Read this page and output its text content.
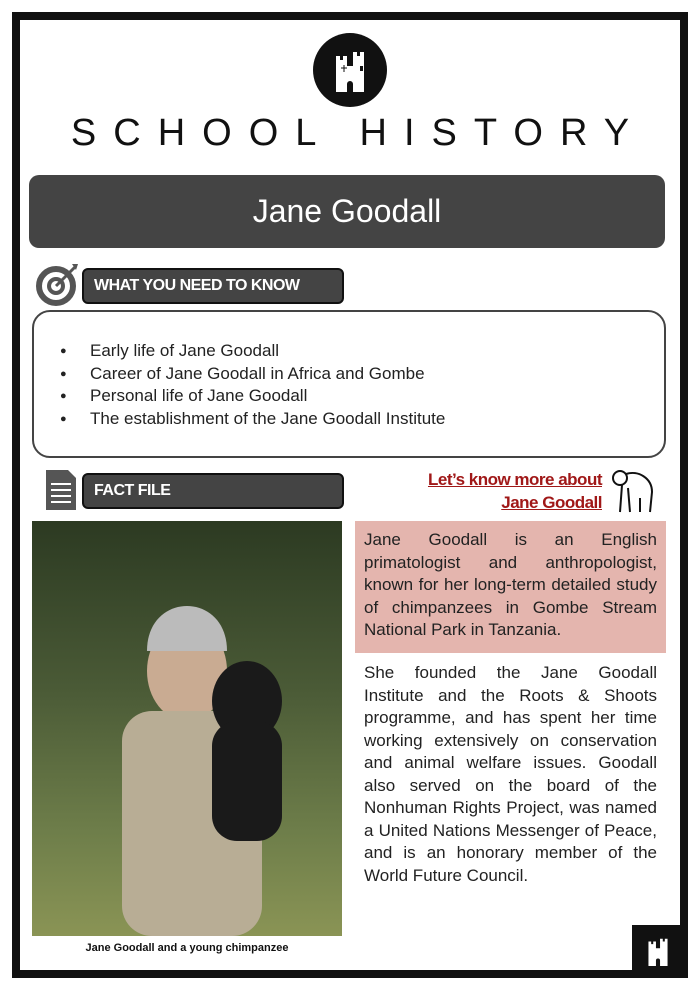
SCHOOL HISTORY
Jane Goodall
WHAT YOU NEED TO KNOW
● Early life of Jane Goodall
● Career of Jane Goodall in Africa and Gombe
● Personal life of Jane Goodall
● The establishment of the Jane Goodall Institute
FACT FILE
Let’s know more about
Jane Goodall
Jane Goodall and a young chimpanzee
Jane Goodall is an English primatologist and anthropologist, known for her long-term detailed study of chimpanzees in Gombe Stream National Park in Tanzania.
She founded the Jane Goodall Institute and the Roots & Shoots programme, and has spent her time working extensively on conservation and animal welfare issues. Goodall also served on the board of the Nonhuman Rights Project, was named a United Nations Messenger of Peace, and is an honorary member of the World Future Council.
